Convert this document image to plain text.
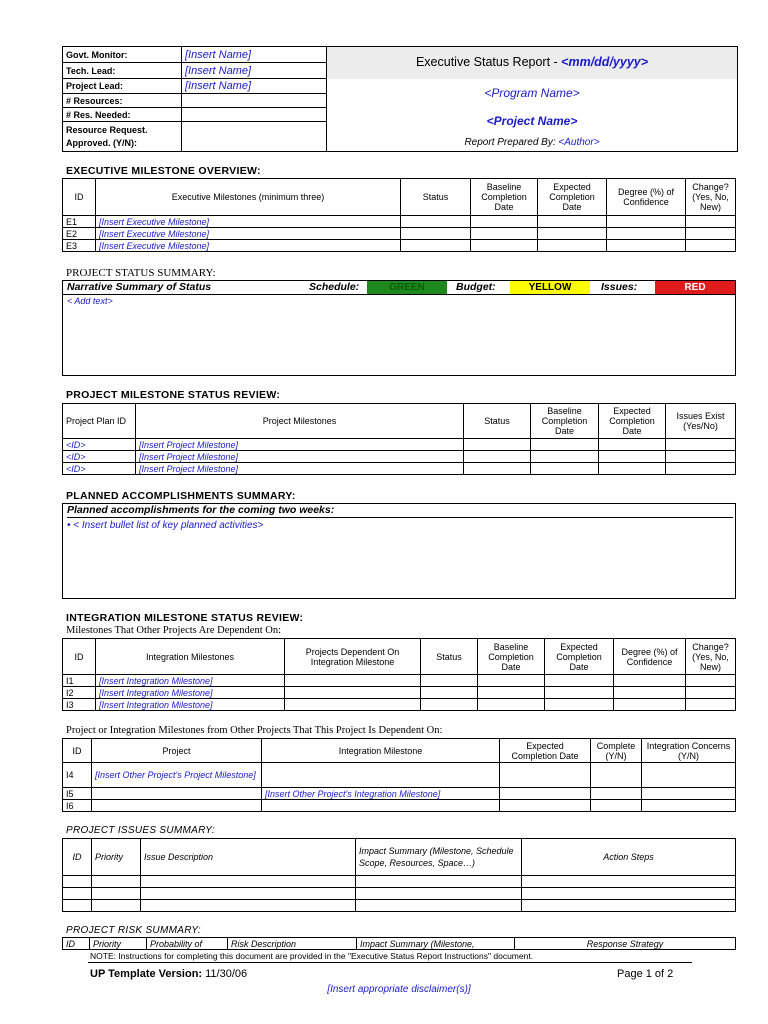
Govt. Monitor:	[Insert Name]
Tech. Lead:	[Insert Name]
Project Lead:	[Insert Name]
# Resources:	
# Res. Needed:	
Resource Request. Approved. (Y/N):	
Executive Status Report - <mm/dd/yyyy>
<Program Name>
<Project Name>
Report Prepared By: <Author>
EXECUTIVE MILESTONE OVERVIEW:
ID	Executive Milestones (minimum three)	Status	Baseline Completion Date	Expected Completion Date	Degree (%) of Confidence	Change? (Yes, No, New)
E1	[Insert Executive Milestone]					
E2	[Insert Executive Milestone]					
E3	[Insert Executive Milestone]					
PROJECT STATUS SUMMARY:
Narrative Summary of Status	Schedule:	GREEN	Budget:	YELLOW	Issues:	RED
< Add text>
PROJECT MILESTONE STATUS REVIEW:
Project Plan ID	Project Milestones	Status	Baseline Completion Date	Expected Completion Date	Issues Exist (Yes/No)
<ID>	[Insert Project Milestone]				
<ID>	[Insert Project Milestone]				
<ID>	[Insert Project Milestone]				
PLANNED ACCOMPLISHMENTS SUMMARY:
Planned accomplishments for the coming two weeks:
• < Insert bullet list of key planned activities>
INTEGRATION MILESTONE STATUS REVIEW:
Milestones That Other Projects Are Dependent On:
ID	Integration Milestones	Projects Dependent On Integration Milestone	Status	Baseline Completion Date	Expected Completion Date	Degree (%) of Confidence	Change? (Yes, No, New)
I1	[Insert Integration Milestone]						
I2	[Insert Integration Milestone]						
I3	[Insert Integration Milestone]						
Project or Integration Milestones from Other Projects That This Project Is Dependent On:
ID	Project	Integration Milestone	Expected Completion Date	Complete (Y/N)	Integration Concerns (Y/N)
I4	[Insert Other Project's Project Milestone]				
I5		[Insert Other Project's Integration Milestone]			
I6					
PROJECT ISSUES SUMMARY:
ID	Priority	Issue Description	Impact Summary (Milestone, Schedule Scope, Resources, Space…)	Action Steps

PROJECT RISK SUMMARY:
ID	Priority	Probability of	Risk Description	Impact Summary (Milestone,	Response Strategy
NOTE: Instructions for completing this document are provided in the "Executive Status Report Instructions" document.
UP Template Version: 11/30/06	Page 1 of 2
[Insert appropriate disclaimer(s)]
